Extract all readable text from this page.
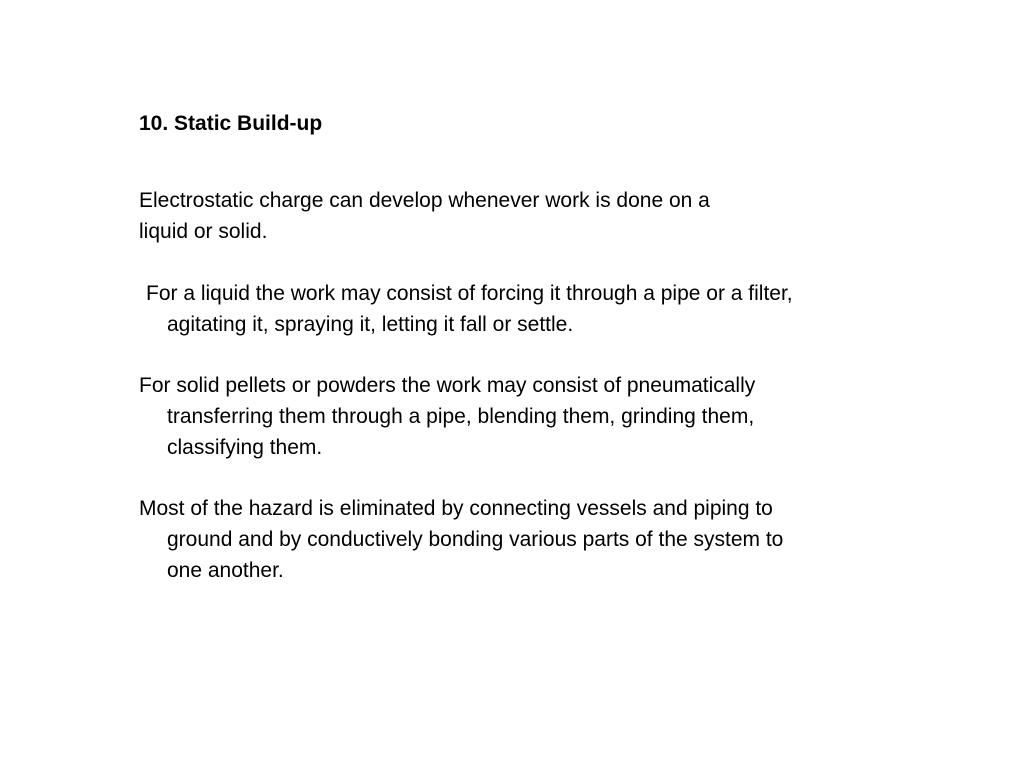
10. Static Build-up
Electrostatic charge can develop whenever work is done on a
liquid or solid.
For a liquid the work may consist of forcing it through a pipe or a filter,
agitating it, spraying it, letting it fall or settle.
For solid pellets or powders the work may consist of pneumatically
transferring them through a pipe, blending them, grinding them,
classifying them.
Most of the hazard is eliminated by connecting vessels and piping to
ground and by conductively bonding various parts of the system to
one another.
